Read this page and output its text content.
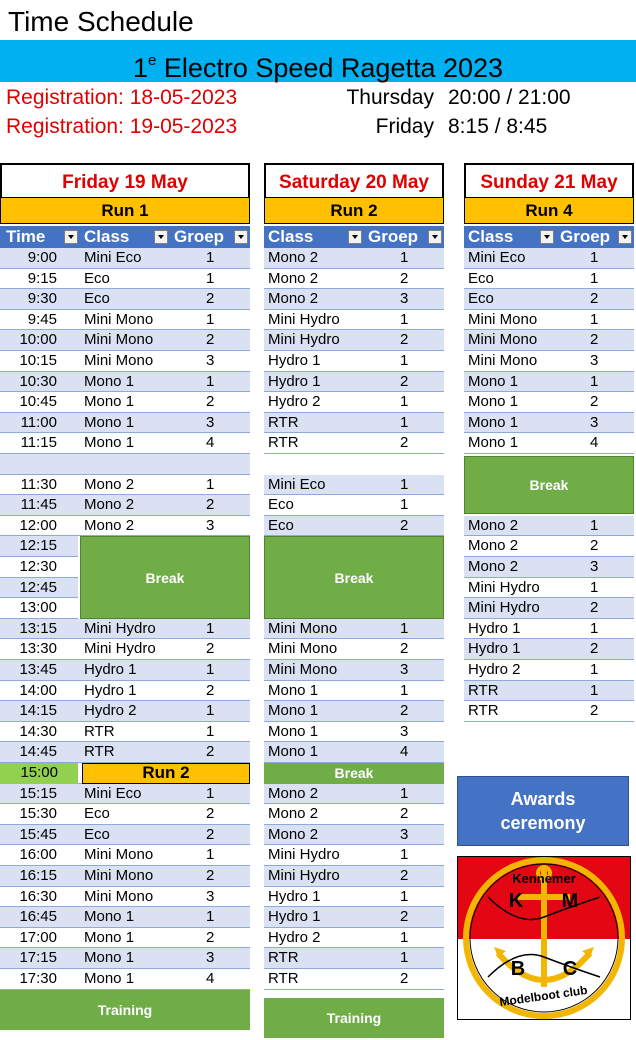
Time Schedule
1e Electro Speed Ragetta 2023
Registration: 18-05-2023	Thursday 20:00 / 21:00
Registration: 19-05-2023	Friday 8:15 / 8:45
Friday 19 May
Run 1
Time Class	Groep
9:00 Mini Eco	1
9:15 Eco	1
9:30 Eco	2
9:45 Mini Mono	1
10:00 Mini Mono	2
10:15 Mini Mono	3
10:30 Mono 1	1
10:45 Mono 1	2
11:00 Mono 1	3
11:15 Mono 1	4
11:30 Mono 2	1
11:45 Mono 2	2
12:00 Mono 2	3
12:15
12:30
12:45
13:00
Break
13:15 Mini Hydro	1
13:30 Mini Hydro	2
13:45 Hydro 1	1
14:00 Hydro 1	2
14:15 Hydro 2	1
14:30 RTR	1
14:45 RTR	2
15:00	Run 2
15:15 Mini Eco	1
15:30 Eco	2
15:45 Eco	2
16:00 Mini Mono	1
16:15 Mini Mono	2
16:30 Mini Mono	3
16:45 Mono 1	1
17:00 Mono 1	2
17:15 Mono 1	3
17:30 Mono 1	4
Training
Saturday 20 May
Run 2
Class	Groep
Mono 2	1
Mono 2	2
Mono 2	3
Mini Hydro	1
Mini Hydro	2
Hydro 1	1
Hydro 1	2
Hydro 2	1
RTR	1
RTR	2
Mini Eco	1
Eco	1
Eco	2
Break
Mini Mono	1
Mini Mono	2
Mini Mono	3
Mono 1	1
Mono 1	2
Mono 1	3
Mono 1	4
Break
Mono 2	1
Mono 2	2
Mono 2	3
Mini Hydro	1
Mini Hydro	2
Hydro 1	1
Hydro 1	2
Hydro 2	1
RTR	1
RTR	2
Training
Sunday 21 May
Run 4
Class	Groep
Mini Eco	1
Eco	1
Eco	2
Mini Mono	1
Mini Mono	2
Mini Mono	3
Mono 1	1
Mono 1	2
Mono 1	3
Mono 1	4
Break
Mono 2	1
Mono 2	2
Mono 2	3
Mini Hydro	1
Mini Hydro	2
Hydro 1	1
Hydro 1	2
Hydro 2	1
RTR	1
RTR	2
Awards
ceremony
Kennemer
K M
B C
Modelboot club
